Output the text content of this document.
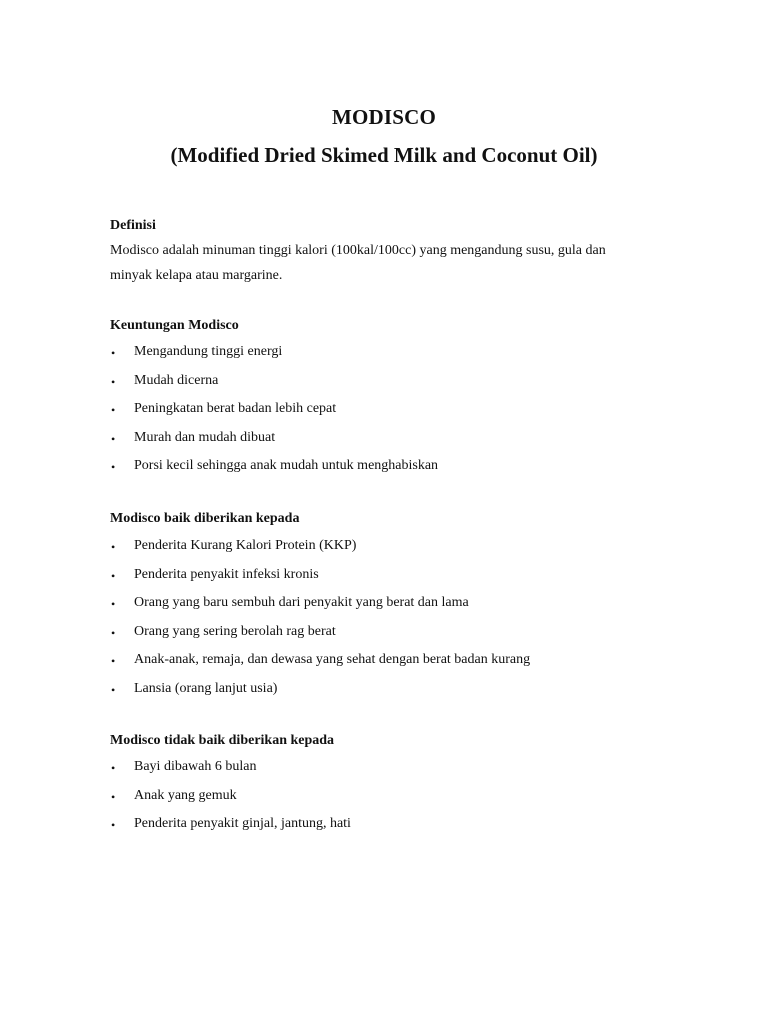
MODISCO
(Modified Dried Skimed Milk and Coconut Oil)
Definisi

Modisco adalah minuman tinggi kalori (100kal/100cc) yang mengandung susu, gula dan
minyak kelapa atau margarine.

Keuntungan Modisco
•	Mengandung tinggi energi
•	Mudah dicerna
•	Peningkatan berat badan lebih cepat
•	Murah dan mudah dibuat
•	Porsi kecil sehingga anak mudah untuk menghabiskan
Modisco baik diberikan kepada
•	Penderita Kurang Kalori Protein (KKP)
•	Penderita penyakit infeksi kronis
•	Orang yang baru sembuh dari penyakit yang berat dan lama
•	Orang yang sering berolah rag berat
•	Anak-anak, remaja, dan dewasa yang sehat dengan berat badan kurang
•	Lansia (orang lanjut usia)
Modisco tidak baik diberikan kepada
•	Bayi dibawah 6 bulan
•	Anak yang gemuk
•	Penderita penyakit ginjal, jantung, hati
